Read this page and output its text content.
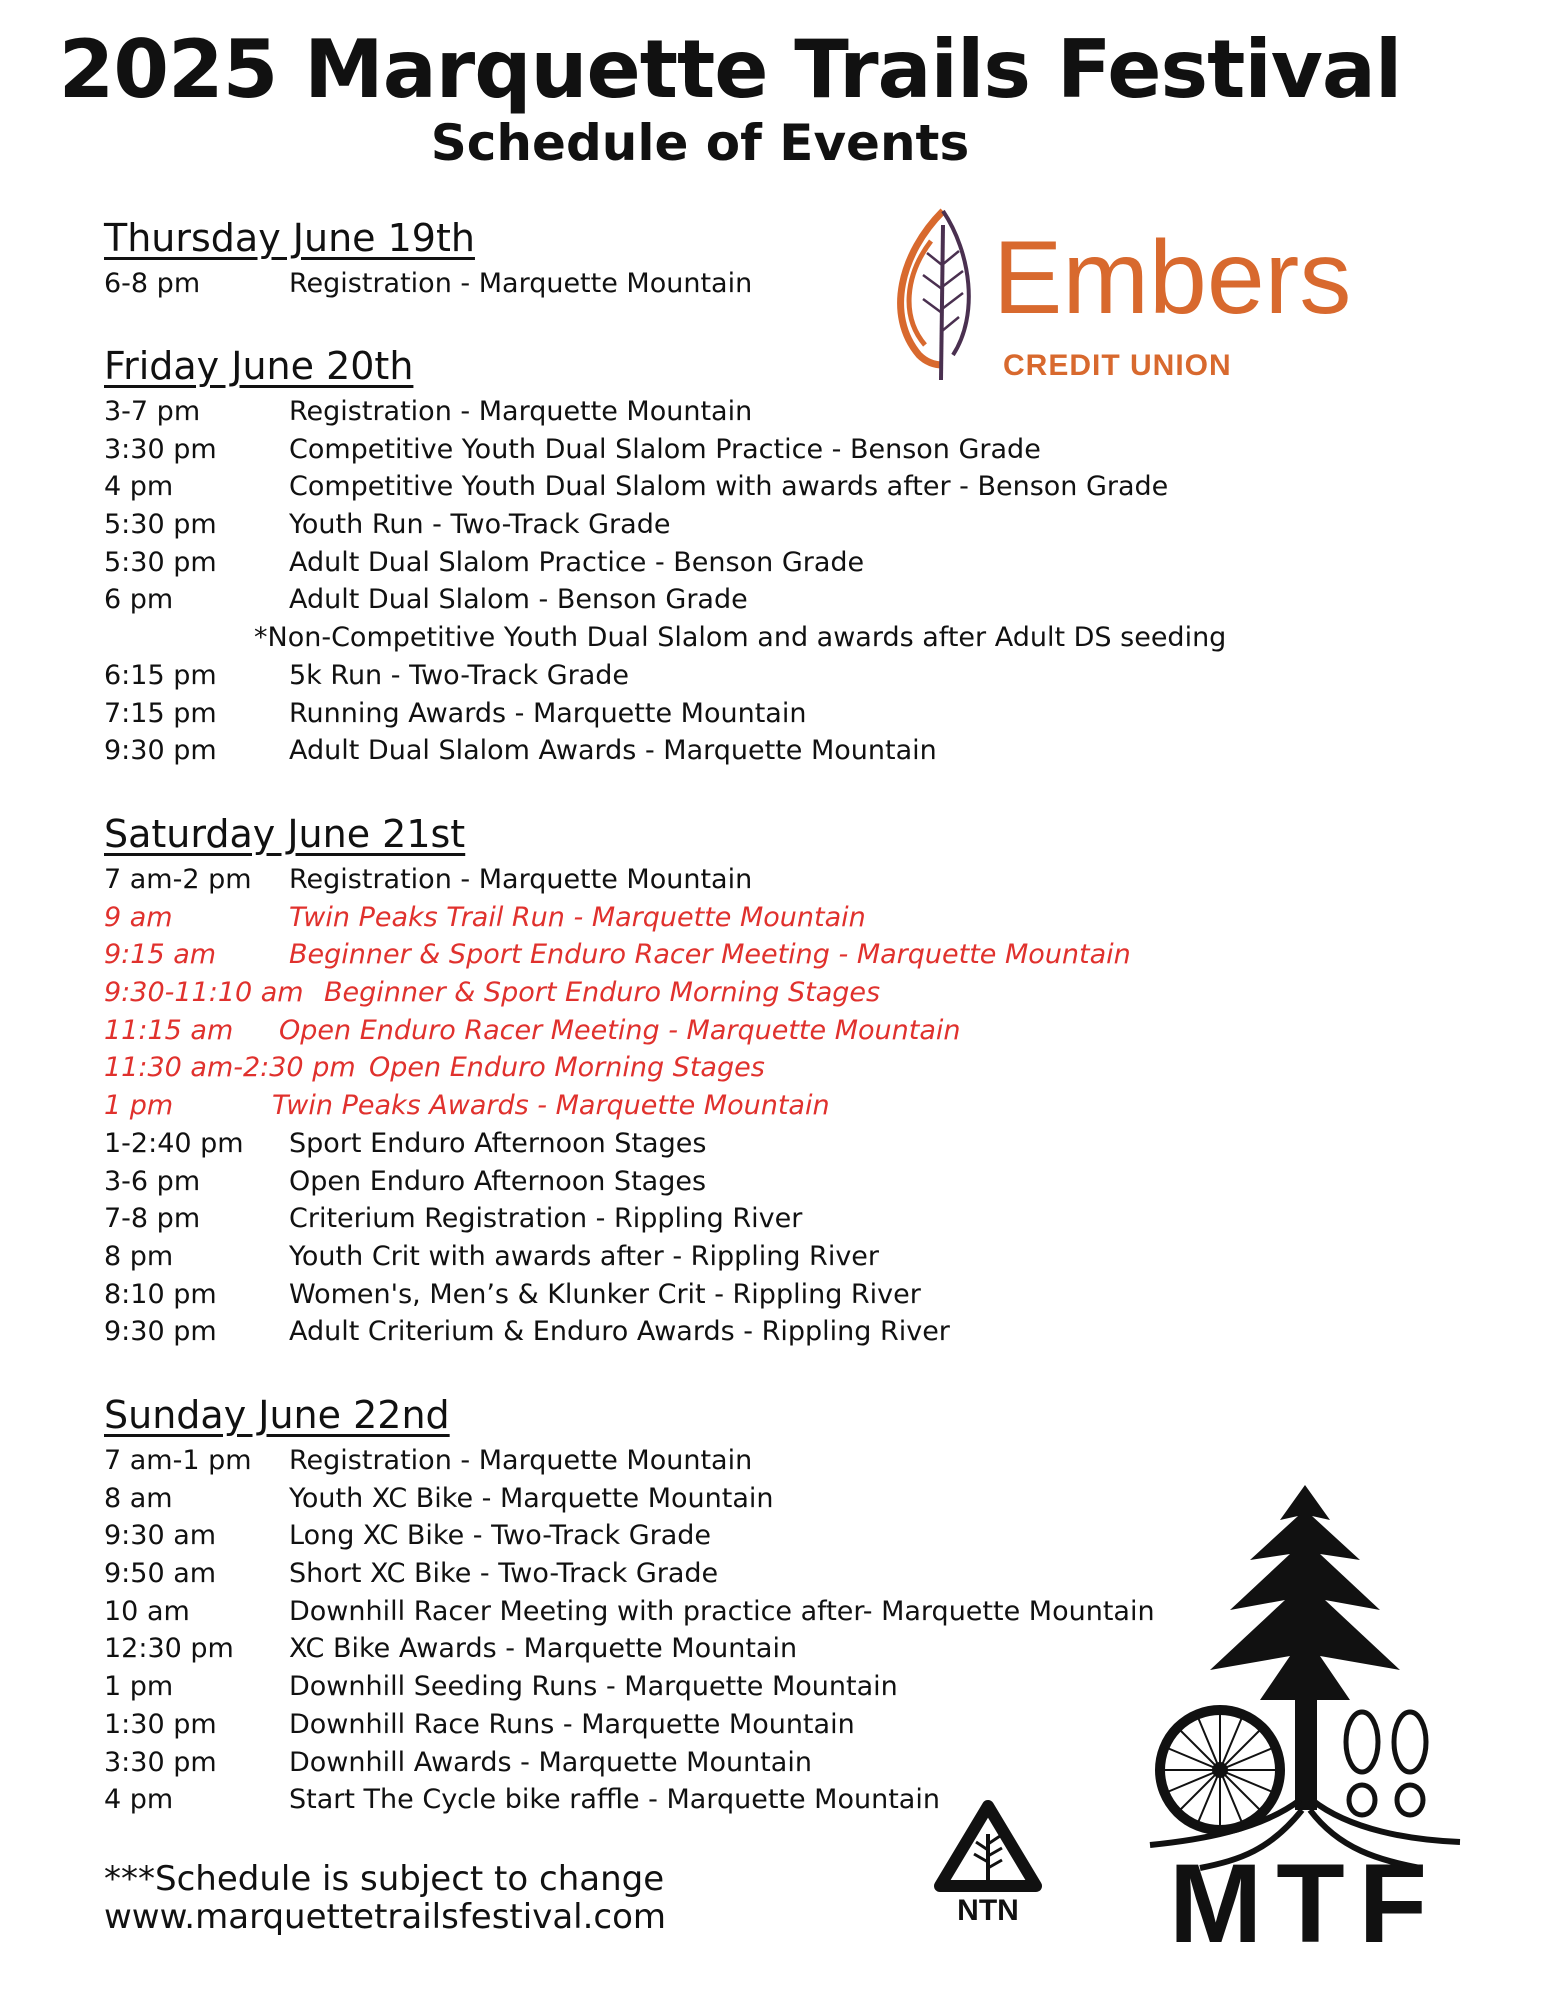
2025 Marquette Trails Festival
Schedule of Events
Thursday June 19th
6-8 pm	Registration - Marquette Mountain
Friday June 20th
3-7 pm	Registration - Marquette Mountain
3:30 pm	Competitive Youth Dual Slalom Practice - Benson Grade
4 pm	Competitive Youth Dual Slalom with awards after - Benson Grade
5:30 pm	Youth Run - Two-Track Grade
5:30 pm	Adult Dual Slalom Practice - Benson Grade
6 pm	Adult Dual Slalom - Benson Grade
*Non-Competitive Youth Dual Slalom and awards after Adult DS seeding
6:15 pm	5k Run - Two-Track Grade
7:15 pm	Running Awards - Marquette Mountain
9:30 pm	Adult Dual Slalom Awards - Marquette Mountain
Saturday June 21st
7 am-2 pm	Registration - Marquette Mountain
9 am	Twin Peaks Trail Run - Marquette Mountain
9:15 am	Beginner & Sport Enduro Racer Meeting - Marquette Mountain
9:30-11:10 am Beginner & Sport Enduro Morning Stages
11:15 am	Open Enduro Racer Meeting - Marquette Mountain
11:30 am-2:30 pm Open Enduro Morning Stages
1 pm	Twin Peaks Awards - Marquette Mountain
1-2:40 pm	Sport Enduro Afternoon Stages
3-6 pm	Open Enduro Afternoon Stages
7-8 pm	Criterium Registration - Rippling River
8 pm	Youth Crit with awards after - Rippling River
8:10 pm	Women's, Men’s & Klunker Crit - Rippling River
9:30 pm	Adult Criterium & Enduro Awards - Rippling River
Sunday June 22nd
7 am-1 pm	Registration - Marquette Mountain
8 am	Youth XC Bike - Marquette Mountain
9:30 am	Long XC Bike - Two-Track Grade
9:50 am	Short XC Bike - Two-Track Grade
10 am	Downhill Racer Meeting with practice after- Marquette Mountain
12:30 pm	XC Bike Awards - Marquette Mountain
1 pm	Downhill Seeding Runs - Marquette Mountain
1:30 pm	Downhill Race Runs - Marquette Mountain
3:30 pm	Downhill Awards - Marquette Mountain
4 pm	Start The Cycle bike raffle - Marquette Mountain
***Schedule is subject to change
www.marquettetrailsfestival.com
Embers
CREDIT UNION
NTN MTF
